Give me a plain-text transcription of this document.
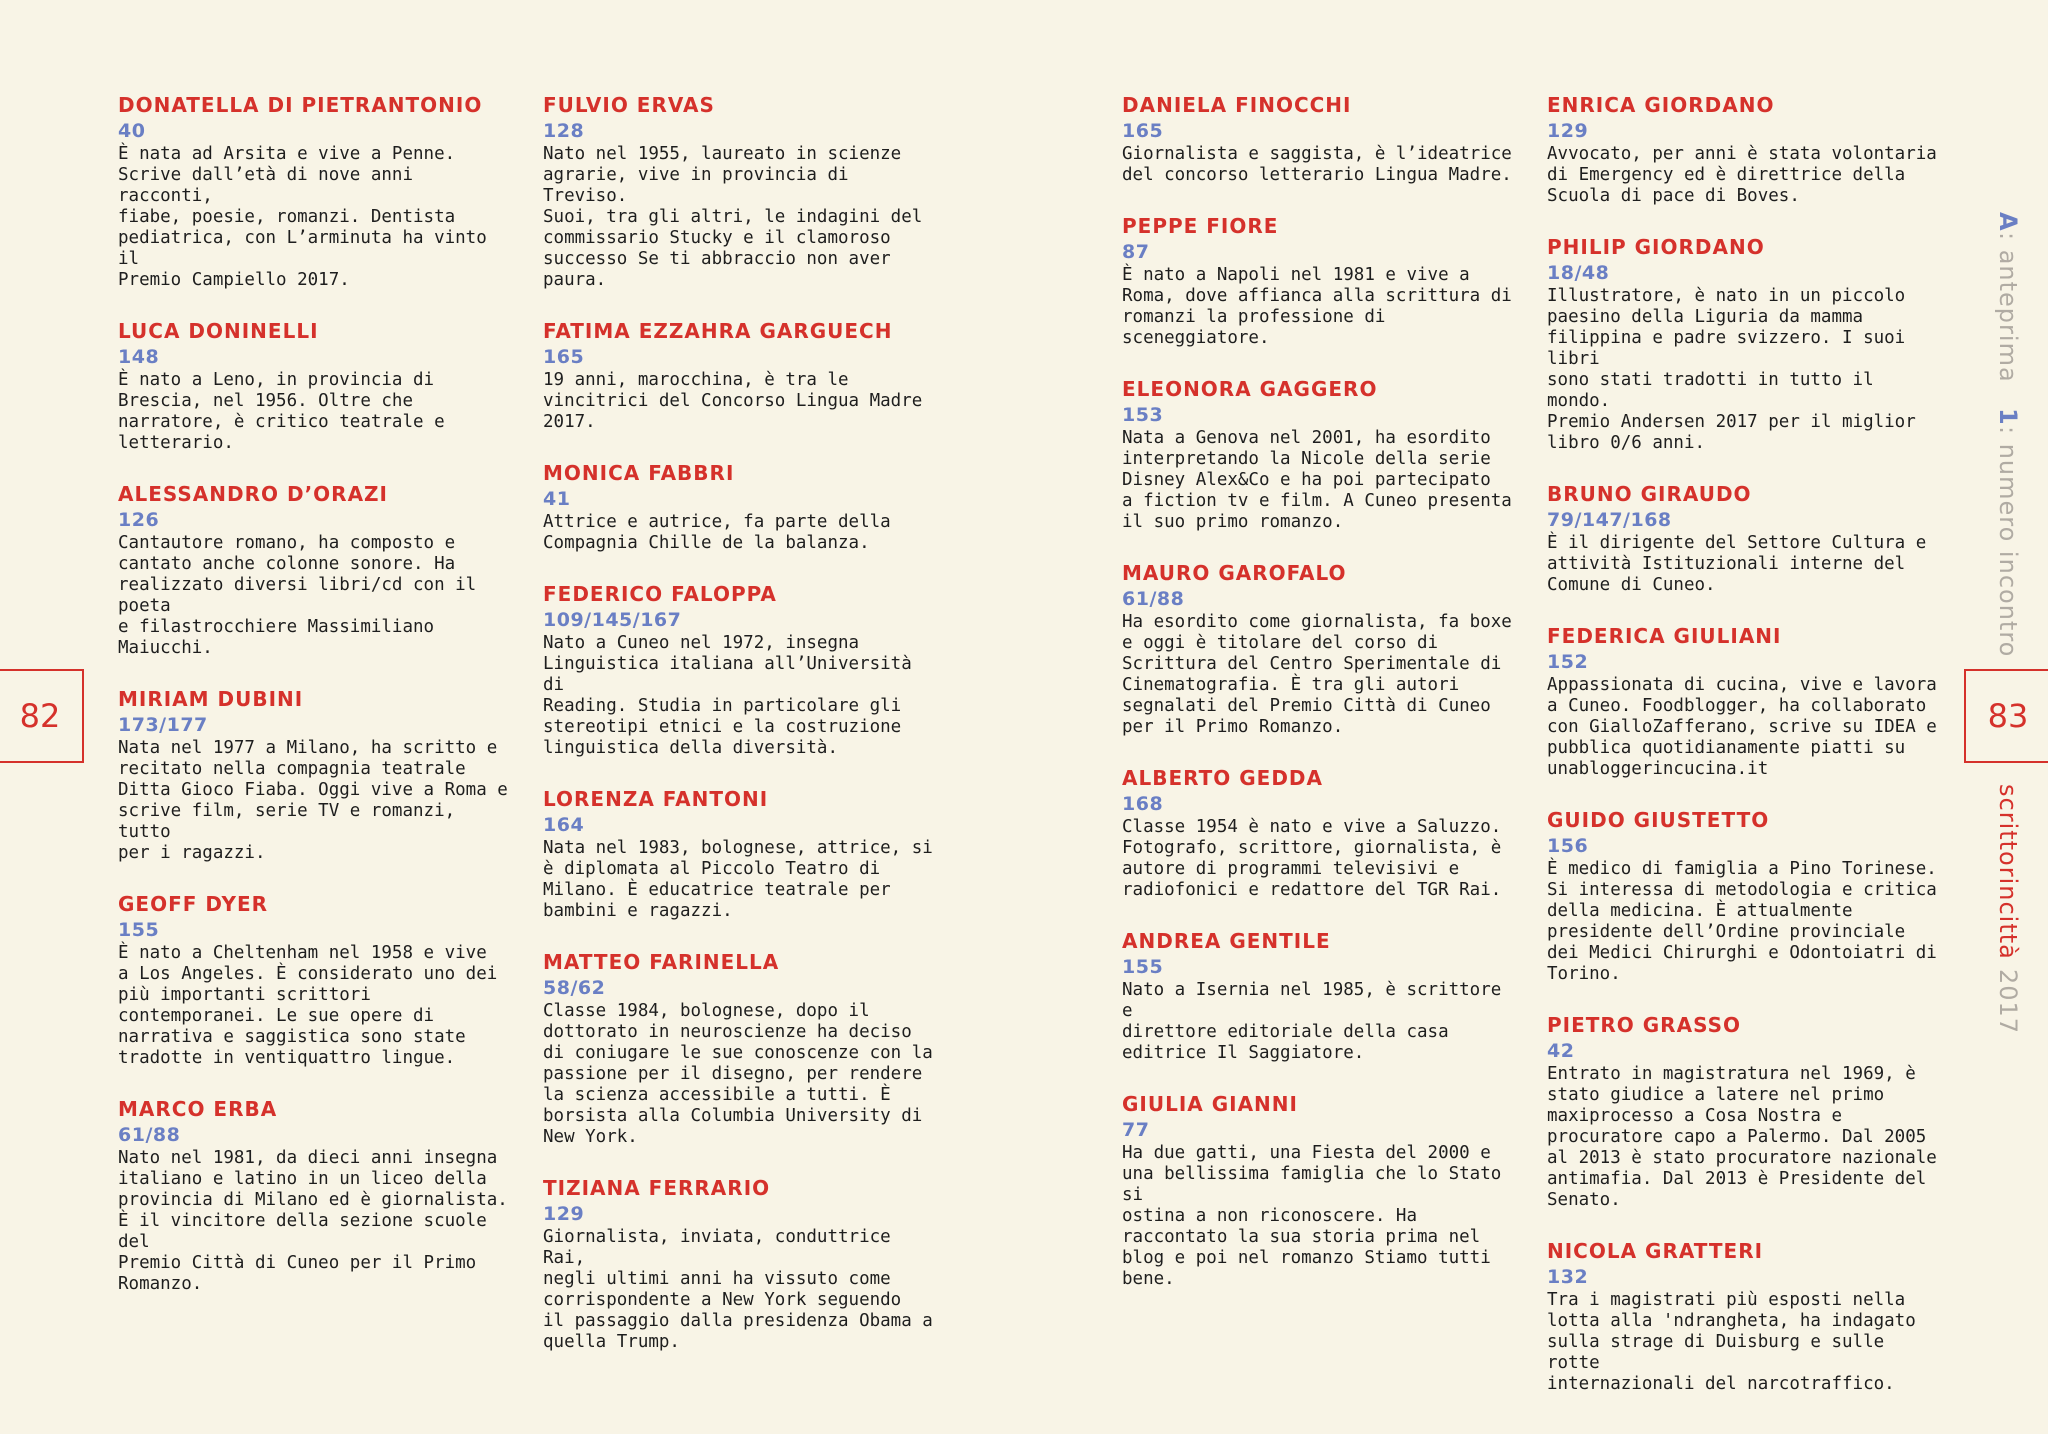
DONATELLA DI PIETRANTONIO
40
È nata ad Arsita e vive a Penne.
Scrive dall’età di nove anni racconti,
fiabe, poesie, romanzi. Dentista
pediatrica, con L’arminuta ha vinto il
Premio Campiello 2017.
LUCA DONINELLI
148
È nato a Leno, in provincia di
Brescia, nel 1956. Oltre che
narratore, è critico teatrale e
letterario.
ALESSANDRO D’ORAZI
126
Cantautore romano, ha composto e
cantato anche colonne sonore. Ha
realizzato diversi libri/cd con il poeta
e filastrocchiere Massimiliano
Maiucchi.
MIRIAM DUBINI
173/177
Nata nel 1977 a Milano, ha scritto e
recitato nella compagnia teatrale
Ditta Gioco Fiaba. Oggi vive a Roma e
scrive film, serie TV e romanzi, tutto
per i ragazzi.
GEOFF DYER
155
È nato a Cheltenham nel 1958 e vive
a Los Angeles. È considerato uno dei
più importanti scrittori
contemporanei. Le sue opere di
narrativa e saggistica sono state
tradotte in ventiquattro lingue.
MARCO ERBA
61/88
Nato nel 1981, da dieci anni insegna
italiano e latino in un liceo della
provincia di Milano ed è giornalista.
È il vincitore della sezione scuole del
Premio Città di Cuneo per il Primo
Romanzo.
FULVIO ERVAS
128
Nato nel 1955, laureato in scienze
agrarie, vive in provincia di Treviso.
Suoi, tra gli altri, le indagini del
commissario Stucky e il clamoroso
successo Se ti abbraccio non aver
paura.
FATIMA EZZAHRA GARGUECH
165
19 anni, marocchina, è tra le
vincitrici del Concorso Lingua Madre
2017.
MONICA FABBRI
41
Attrice e autrice, fa parte della
Compagnia Chille de la balanza.
FEDERICO FALOPPA
109/145/167
Nato a Cuneo nel 1972, insegna
Linguistica italiana all’Università di
Reading. Studia in particolare gli
stereotipi etnici e la costruzione
linguistica della diversità.
LORENZA FANTONI
164
Nata nel 1983, bolognese, attrice, si
è diplomata al Piccolo Teatro di
Milano. È educatrice teatrale per
bambini e ragazzi.
MATTEO FARINELLA
58/62
Classe 1984, bolognese, dopo il
dottorato in neuroscienze ha deciso
di coniugare le sue conoscenze con la
passione per il disegno, per rendere
la scienza accessibile a tutti. È
borsista alla Columbia University di
New York.
TIZIANA FERRARIO
129
Giornalista, inviata, conduttrice Rai,
negli ultimi anni ha vissuto come
corrispondente a New York seguendo
il passaggio dalla presidenza Obama a
quella Trump.
DANIELA FINOCCHI
165
Giornalista e saggista, è l’ideatrice
del concorso letterario Lingua Madre.
PEPPE FIORE
87
È nato a Napoli nel 1981 e vive a
Roma, dove affianca alla scrittura di
romanzi la professione di
sceneggiatore.
ELEONORA GAGGERO
153
Nata a Genova nel 2001, ha esordito
interpretando la Nicole della serie
Disney Alex&Co e ha poi partecipato
a fiction tv e film. A Cuneo presenta
il suo primo romanzo.
MAURO GAROFALO
61/88
Ha esordito come giornalista, fa boxe
e oggi è titolare del corso di
Scrittura del Centro Sperimentale di
Cinematografia. È tra gli autori
segnalati del Premio Città di Cuneo
per il Primo Romanzo.
ALBERTO GEDDA
168
Classe 1954 è nato e vive a Saluzzo.
Fotografo, scrittore, giornalista, è
autore di programmi televisivi e
radiofonici e redattore del TGR Rai.
ANDREA GENTILE
155
Nato a Isernia nel 1985, è scrittore e
direttore editoriale della casa
editrice Il Saggiatore.
GIULIA GIANNI
77
Ha due gatti, una Fiesta del 2000 e
una bellissima famiglia che lo Stato si
ostina a non riconoscere. Ha
raccontato la sua storia prima nel
blog e poi nel romanzo Stiamo tutti
bene.
ENRICA GIORDANO
129
Avvocato, per anni è stata volontaria
di Emergency ed è direttrice della
Scuola di pace di Boves.
PHILIP GIORDANO
18/48
Illustratore, è nato in un piccolo
paesino della Liguria da mamma
filippina e padre svizzero. I suoi libri
sono stati tradotti in tutto il mondo.
Premio Andersen 2017 per il miglior
libro 0/6 anni.
BRUNO GIRAUDO
79/147/168
È il dirigente del Settore Cultura e
attività Istituzionali interne del
Comune di Cuneo.
FEDERICA GIULIANI
152
Appassionata di cucina, vive e lavora
a Cuneo. Foodblogger, ha collaborato
con GialloZafferano, scrive su IDEA e
pubblica quotidianamente piatti su
unabloggerincucina.it
GUIDO GIUSTETTO
156
È medico di famiglia a Pino Torinese.
Si interessa di metodologia e critica
della medicina. È attualmente
presidente dell’Ordine provinciale
dei Medici Chirurghi e Odontoiatri di
Torino.
PIETRO GRASSO
42
Entrato in magistratura nel 1969, è
stato giudice a latere nel primo
maxiprocesso a Cosa Nostra e
procuratore capo a Palermo. Dal 2005
al 2013 è stato procuratore nazionale
antimafia. Dal 2013 è Presidente del
Senato.
NICOLA GRATTERI
132
Tra i magistrati più esposti nella
lotta alla 'ndrangheta, ha indagato
sulla strage di Duisburg e sulle rotte
internazionali del narcotraffico.
82	83
A
: anteprima

1
: numero incontro
scrittorincittà

2017
